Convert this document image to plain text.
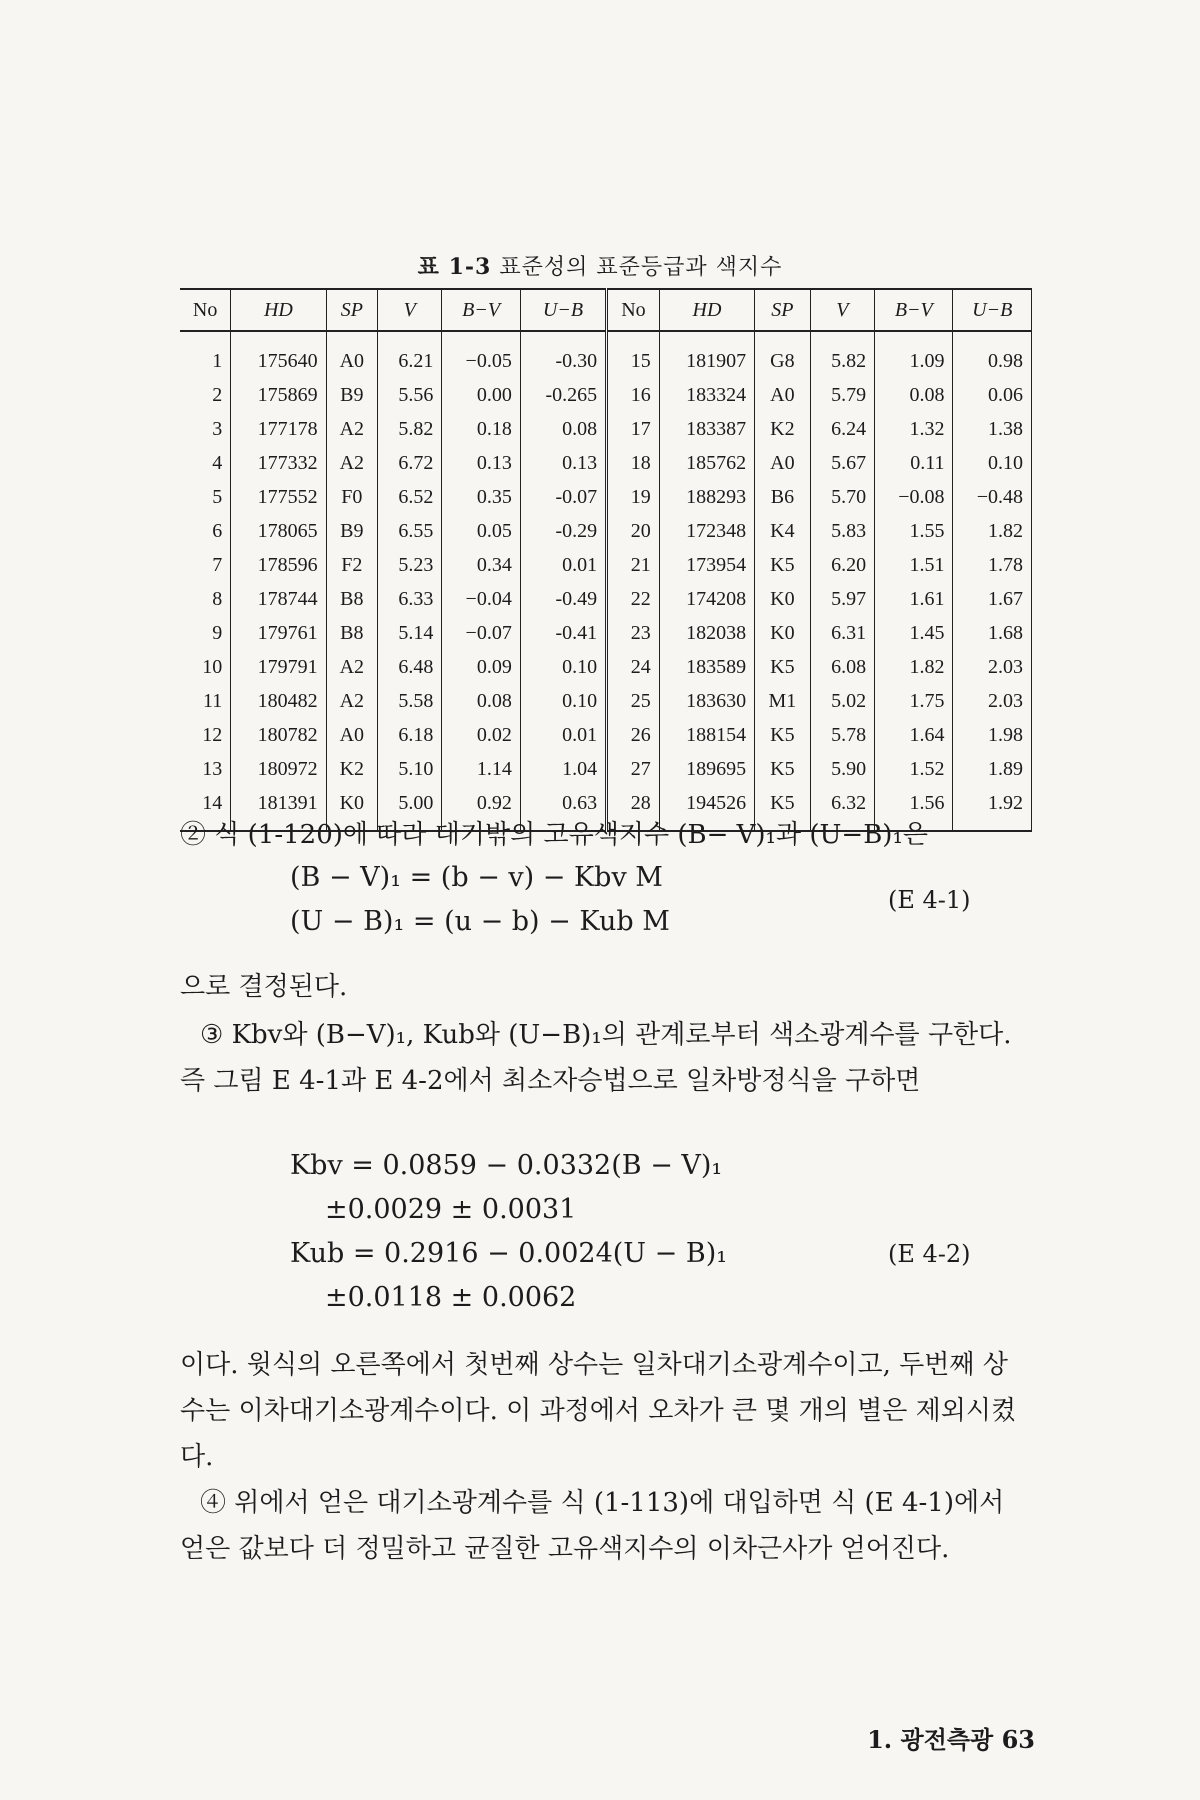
표 1-3 표준성의 표준등급과 색지수
No	HD	SP	V	B−V	U−B	No	HD	SP	V	B−V	U−B
1	175640	A0	6.21	−0.05	-0.30	15	181907	G8	5.82	1.09	0.98
2	175869	B9	5.56	0.00	-0.265	16	183324	A0	5.79	0.08	0.06
3	177178	A2	5.82	0.18	0.08	17	183387	K2	6.24	1.32	1.38
4	177332	A2	6.72	0.13	0.13	18	185762	A0	5.67	0.11	0.10
5	177552	F0	6.52	0.35	-0.07	19	188293	B6	5.70	−0.08	−0.48
6	178065	B9	6.55	0.05	-0.29	20	172348	K4	5.83	1.55	1.82
7	178596	F2	5.23	0.34	0.01	21	173954	K5	6.20	1.51	1.78
8	178744	B8	6.33	−0.04	-0.49	22	174208	K0	5.97	1.61	1.67
9	179761	B8	5.14	−0.07	-0.41	23	182038	K0	6.31	1.45	1.68
10	179791	A2	6.48	0.09	0.10	24	183589	K5	6.08	1.82	2.03
11	180482	A2	5.58	0.08	0.10	25	183630	M1	5.02	1.75	2.03
12	180782	A0	6.18	0.02	0.01	26	188154	K5	5.78	1.64	1.98
13	180972	K2	5.10	1.14	1.04	27	189695	K5	5.90	1.52	1.89
14	181391	K0	5.00	0.92	0.63	28	194526	K5	6.32	1.56	1.92
② 식 (1-120)에 따라 대기밖의 고유색지수 (B− V)₁과 (U−B)₁은
(B − V)₁ = (b − v) − Kbv M
(U − B)₁ = (u − b) − Kub M
(E 4-1)
으로 결정된다.
③ Kbv와 (B−V)₁, Kub와 (U−B)₁의 관계로부터 색소광계수를 구한다. 즉 그림 E 4-1과 E 4-2에서 최소자승법으로 일차방정식을 구하면
Kbv = 0.0859 − 0.0332(B − V)₁
±0.0029 ± 0.0031
Kub = 0.2916 − 0.0024(U − B)₁
±0.0118 ± 0.0062
(E 4-2)
이다. 윗식의 오른쪽에서 첫번째 상수는 일차대기소광계수이고, 두번째 상수는 이차대기소광계수이다. 이 과정에서 오차가 큰 몇 개의 별은 제외시켰다.
④ 위에서 얻은 대기소광계수를 식 (1-113)에 대입하면 식 (E 4-1)에서 얻은 값보다 더 정밀하고 균질한 고유색지수의 이차근사가 얻어진다.
1. 광전측광 63
